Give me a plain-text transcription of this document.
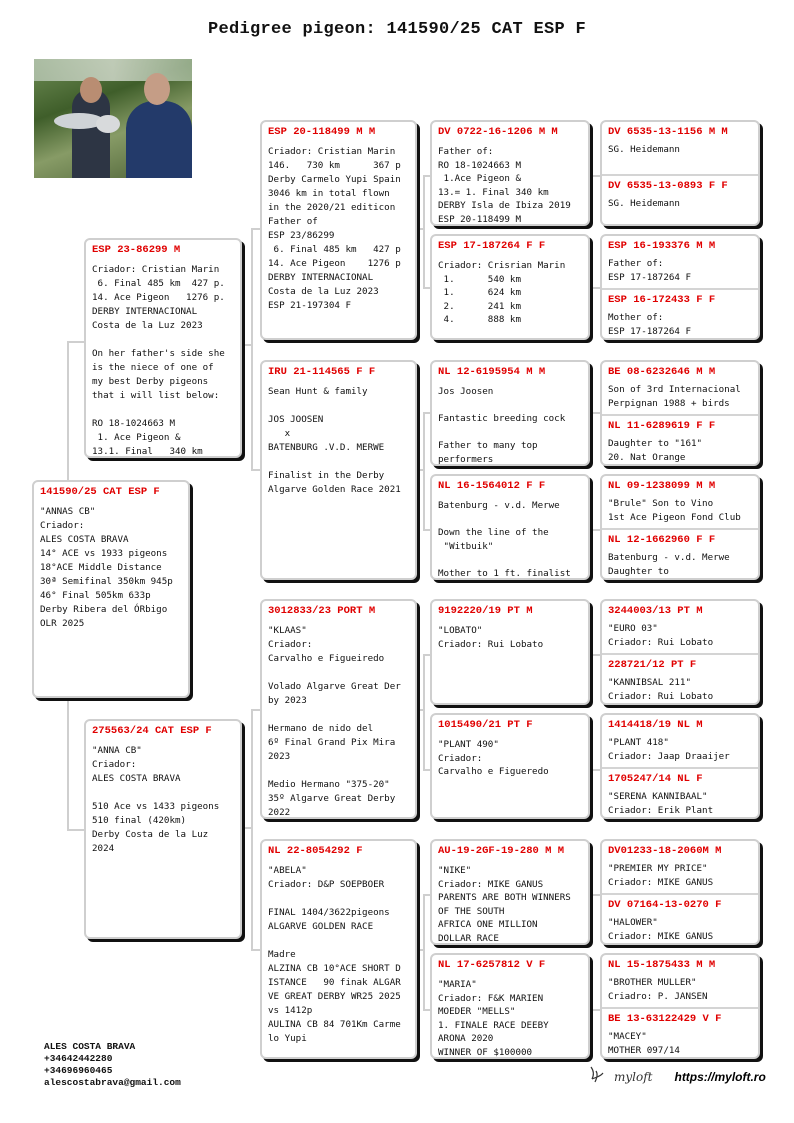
Pedigree pigeon: 141590/25 CAT ESP F
141590/25 CAT ESP F
"ANNAS CB"
Criador:
ALES COSTA BRAVA
14° ACE vs 1933 pigeons
18°ACE Middle Distance
30ª Semifinal 350km 945p
46° Final 505km 633p
Derby Ribera del ÓRbigo
OLR 2025
ESP 23-86299 M
Criador: Cristian Marin
6. Final 485 km  427 p.
14. Ace Pigeon   1276 p.
DERBY INTERNACIONAL
Costa de la Luz 2023

On her father's side she
is the niece of one of
my best Derby pigeons
that i will list below:

RO 18-1024663 M
1. Ace Pigeon &
13.1. Final   340 km
275563/24 CAT ESP F
"ANNA CB"
Criador:
ALES COSTA BRAVA

510 Ace vs 1433 pigeons
510 final (420km)
Derby Costa de la Luz
2024
ESP 20-118499 M M
Criador: Cristian Marin
146.   730 km      367 p
Derby Carmelo Yupi Spain
3046 km in total flown
in the 2020/21 editicon
Father of
ESP 23/86299
6. Final 485 km   427 p
14. Ace Pigeon    1276 p
DERBY INTERNACIONAL
Costa de la Luz 2023
ESP 21-197304 F
IRU 21-114565 F F
Sean Hunt & family

JOS JOOSEN
x
BATENBURG .V.D. MERWE

Finalist in the Derby
Algarve Golden Race 2021
3012833/23 PORT M
"KLAAS"
Criador:
Carvalho e Figueiredo

Volado Algarve Great Der
by 2023

Hermano de nido del
6º Final Grand Pix Mira
2023

Medio Hermano "375-20"
35º Algarve Great Derby
2022
NL 22-8054292 F
"ABELA"
Criador: D&P SOEPBOER

FINAL 1404/3622pigeons
ALGARVE GOLDEN RACE

Madre
ALZINA CB 10°ACE SHORT D
ISTANCE   90 finak ALGAR
VE GREAT DERBY WR25 2025
vs 1412p
AULINA CB 84 701Km Carme
lo Yupi
DV 0722-16-1206 M M
Father of:
RO 18-1024663 M
1.Ace Pigeon &
13.= 1. Final 340 km
DERBY Isla de Ibiza 2019
ESP 20-118499 M
ESP 17-187264 F F
Criador: Crisrian Marin
1.      540 km
1.      624 km
2.      241 km
4.      888 km
NL 12-6195954 M M
Jos Joosen

Fantastic breeding cock

Father to many top
performers
NL 16-1564012 F F
Batenburg - v.d. Merwe

Down the line of the
"Witbuik"

Mother to 1 ft. finalist
9192220/19 PT M
"LOBATO"
Criador: Rui Lobato
1015490/21 PT F
"PLANT 490"
Criador:
Carvalho e Figueredo
AU-19-2GF-19-280 M M
"NIKE"
Criador: MIKE GANUS
PARENTS ARE BOTH WINNERS
OF THE SOUTH
AFRICA ONE MILLION
DOLLAR RACE
NL 17-6257812 V F
"MARIA"
Criador: F&K MARIEN
MOEDER "MELLS"
1. FINALE RACE DEEBY
ARONA 2020
WINNER OF $100000
DV 6535-13-1156 M M
SG. Heidemann
DV 6535-13-0893 F F
SG. Heidemann
ESP 16-193376 M M
Father of:
ESP 17-187264 F
ESP 16-172433 F F
Mother of:
ESP 17-187264 F
BE 08-6232646 M M
Son of 3rd Internacional
Perpignan 1988 + birds
NL 11-6289619 F F
Daughter to "161"
20. Nat Orange
NL 09-1238099 M M
"Brule" Son to Vino
1st Ace Pigeon Fond Club
NL 12-1662960 F F
Batenburg - v.d. Merwe
Daughter to
3244003/13 PT M
"EURO 03"
Criador: Rui Lobato
228721/12 PT F
"KANNIBSAL 211"
Criador: Rui Lobato
1414418/19 NL M
"PLANT 418"
Criador: Jaap Draaijer
1705247/14 NL F
"SERENA KANNIBAAL"
Criador: Erik Plant
DV01233-18-2060M M
"PREMIER MY PRICE"
Criador: MIKE GANUS
DV 07164-13-0270 F
"HALOWER"
Criador: MIKE GANUS
NL 15-1875433 M M
"BROTHER MULLER"
Criadro: P. JANSEN
BE 13-63122429 V F
"MACEY"
MOTHER 097/14
ALES COSTA BRAVA
+34642442280
+34696960465
alescostabrava@gmail.com	myloft https://myloft.ro
